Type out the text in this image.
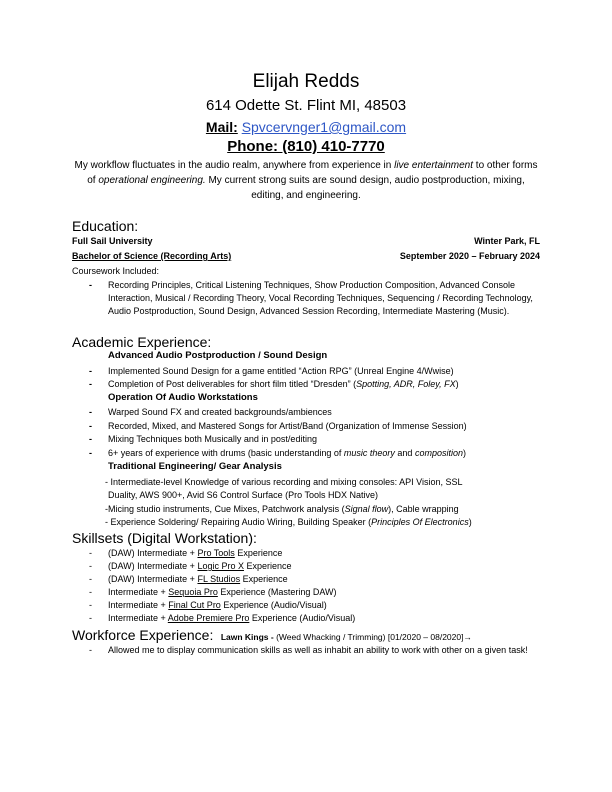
Elijah Redds
614 Odette St. Flint MI, 48503
Mail: Spvcervnger1@gmail.com
Phone: (810) 410-7770
My workflow fluctuates in the audio realm, anywhere from experience in live entertainment to other forms of operational engineering. My current strong suits are sound design, audio postproduction, mixing, editing, and engineering.
Education:
Full Sail University	Winter Park, FL
Bachelor of Science (Recording Arts)	September 2020 – February 2024
Coursework Included:
- Recording Principles, Critical Listening Techniques, Show Production Composition, Advanced Console Interaction, Musical / Recording Theory, Vocal Recording Techniques, Sequencing / Recording Technology, Audio Postproduction, Sound Design, Advanced Session Recording, Intermediate Mastering (Music).
Academic Experience:
Advanced Audio Postproduction / Sound Design
- Implemented Sound Design for a game entitled “Action RPG” (Unreal Engine 4/Wwise)
- Completion of Post deliverables for short film titled “Dresden” (Spotting, ADR, Foley, FX)
Operation Of Audio Workstations
- Warped Sound FX and created backgrounds/ambiences
- Recorded, Mixed, and Mastered Songs for Artist/Band (Organization of Immense Session)
- Mixing Techniques both Musically and in post/editing
- 6+ years of experience with drums (basic understanding of music theory and composition)
Traditional Engineering/ Gear Analysis
- Intermediate-level Knowledge of various recording and mixing consoles: API Vision, SSL
Duality, AWS 900+, Avid S6 Control Surface (Pro Tools HDX Native)
-Micing studio instruments, Cue Mixes, Patchwork analysis (Signal flow), Cable wrapping
- Experience Soldering/ Repairing Audio Wiring, Building Speaker (Principles Of Electronics)
Skillsets (Digital Workstation):
- (DAW) Intermediate + Pro Tools Experience
- (DAW) Intermediate + Logic Pro X Experience
- (DAW) Intermediate + FL Studios Experience
- Intermediate + Sequoia Pro Experience (Mastering DAW)
- Intermediate + Final Cut Pro Experience (Audio/Visual)
- Intermediate + Adobe Premiere Pro Experience (Audio/Visual)
Workforce Experience: Lawn Kings - (Weed Whacking / Trimming) [01/2020 – 08/2020]→
- Allowed me to display communication skills as well as inhabit an ability to work with other on a given task!
